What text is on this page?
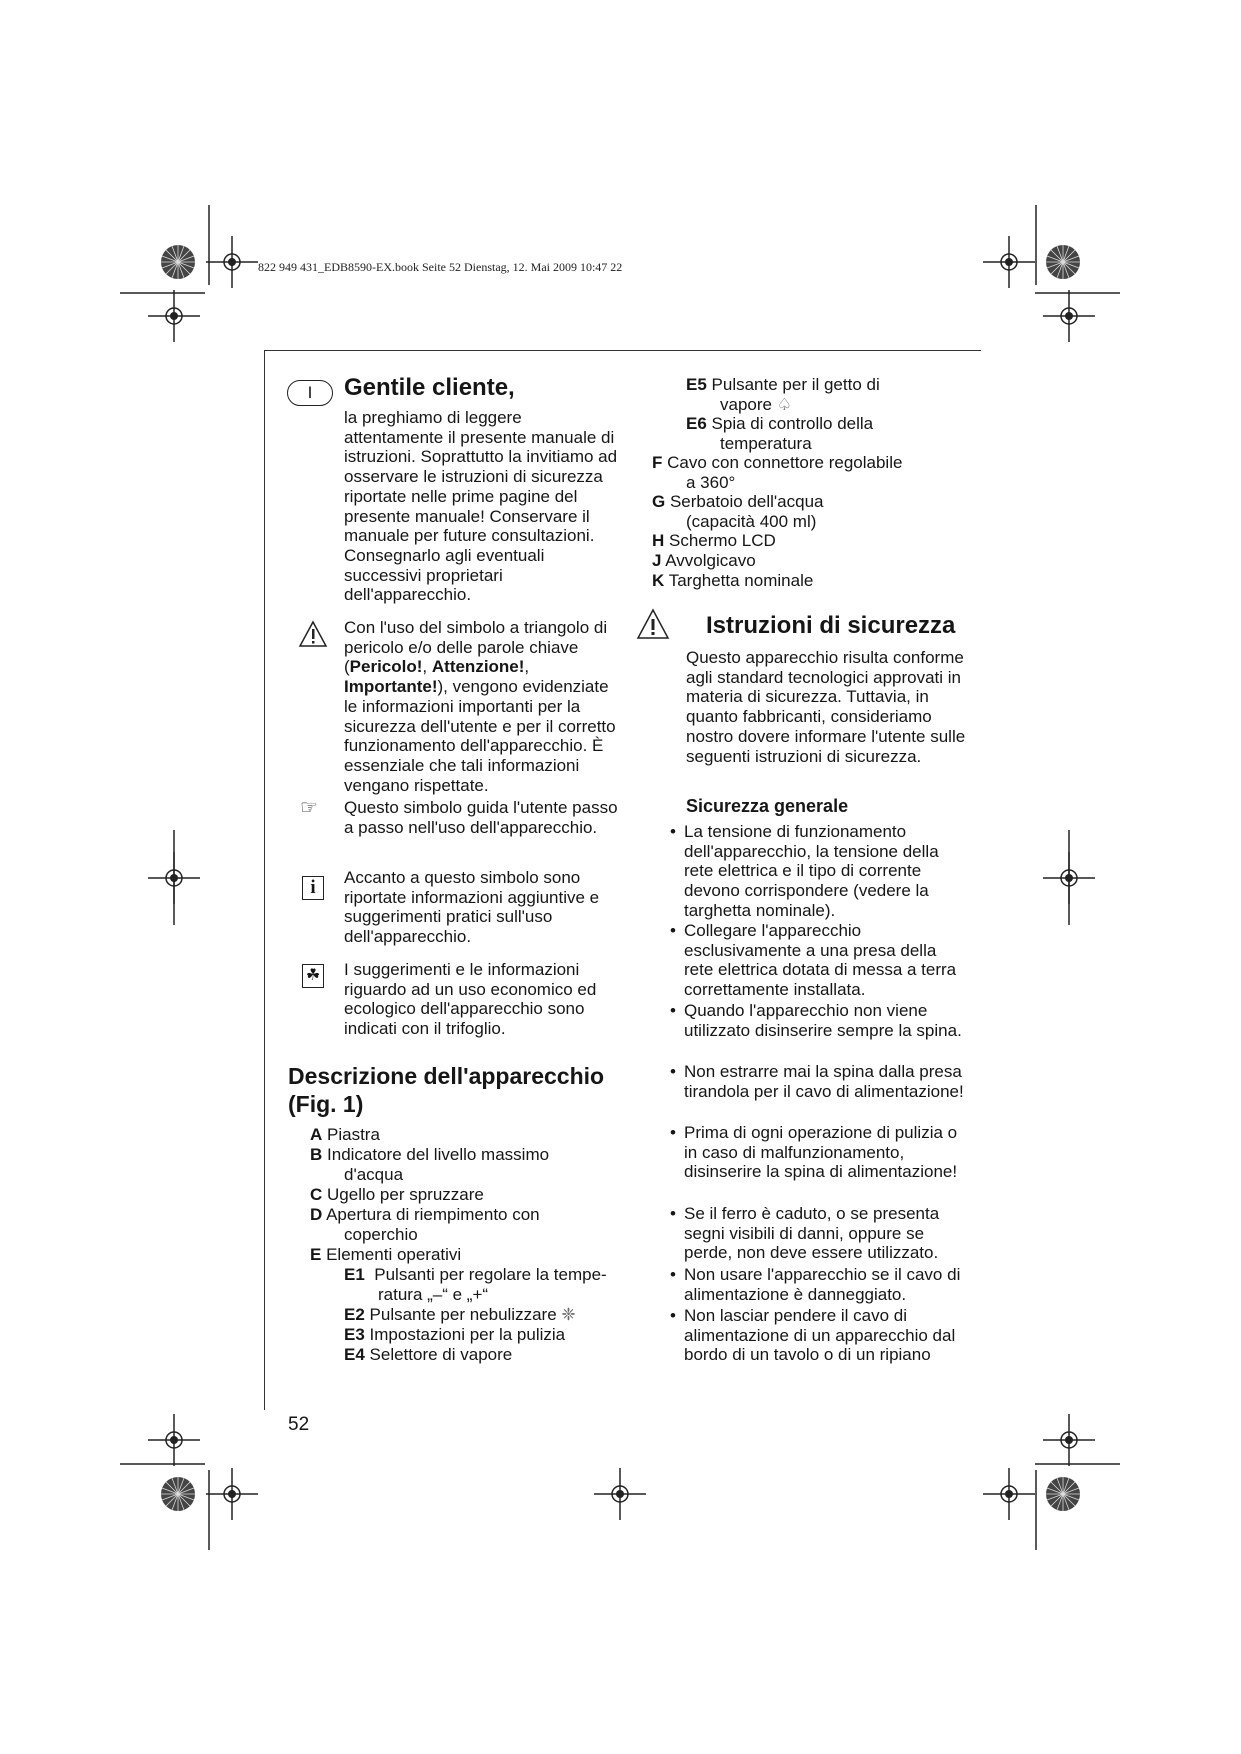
822 949 431_EDB8590-EX.book Seite 52 Dienstag, 12. Mai 2009 10:47 22
I	Gentile cliente,
la preghiamo di leggere attentamente il presente manuale di istruzioni. Soprattutto la invitiamo ad osservare le istruzioni di sicurezza riportate nelle prime pagine del presente manuale! Conservare il manuale per future consultazioni. Consegnarlo agli eventuali successivi proprietari dell'apparecchio.
Con l'uso del simbolo a triangolo di pericolo e/o delle parole chiave (Pericolo!, Attenzione!, Importante!), vengono evidenziate le informazioni importanti per la sicurezza dell'utente e per il corretto funzionamento dell'apparecchio. È essenziale che tali informazioni vengano rispettate.
☞ Questo simbolo guida l'utente passo a passo nell'uso dell'apparecchio.
i	Accanto a questo simbolo sono riportate informazioni aggiuntive e suggerimenti pratici sull'uso dell'apparecchio.
☘ I suggerimenti e le informazioni riguardo ad un uso economico ed ecologico dell'apparecchio sono indicati con il trifoglio.
Descrizione dell'apparecchio
(Fig. 1)
A Piastra
B Indicatore del livello massimo
d'acqua
C Ugello per spruzzare
D Apertura di riempimento con
coperchio
E Elementi operativi
E1 Pulsanti per regolare la tempe-
ratura „–“ e „+“
E2 Pulsante per nebulizzare ❈
E3 Impostazioni per la pulizia
E4 Selettore di vapore
52
E5 Pulsante per il getto di
vapore ♤
E6 Spia di controllo della
temperatura
F Cavo con connettore regolabile
a 360°
G Serbatoio dell'acqua
(capacità 400 ml)
H Schermo LCD
J Avvolgicavo
K Targhetta nominale
Istruzioni di sicurezza
Questo apparecchio risulta conforme agli standard tecnologici approvati in materia di sicurezza. Tuttavia, in quanto fabbricanti, consideriamo nostro dovere informare l'utente sulle seguenti istruzioni di sicurezza.
Sicurezza generale
• La tensione di funzionamento dell'apparecchio, la tensione della rete elettrica e il tipo di corrente devono corrispondere (vedere la targhetta nominale).
• Collegare l'apparecchio esclusivamente a una presa della rete elettrica dotata di messa a terra correttamente installata.
• Quando l'apparecchio non viene utilizzato disinserire sempre la spina.
• Non estrarre mai la spina dalla presa tirandola per il cavo di alimentazione!
• Prima di ogni operazione di pulizia o in caso di malfunzionamento, disinserire la spina di alimentazione!
• Se il ferro è caduto, o se presenta segni visibili di danni, oppure se perde, non deve essere utilizzato.
• Non usare l'apparecchio se il cavo di alimentazione è danneggiato.
• Non lasciar pendere il cavo di alimentazione di un apparecchio dal bordo di un tavolo o di un ripiano
